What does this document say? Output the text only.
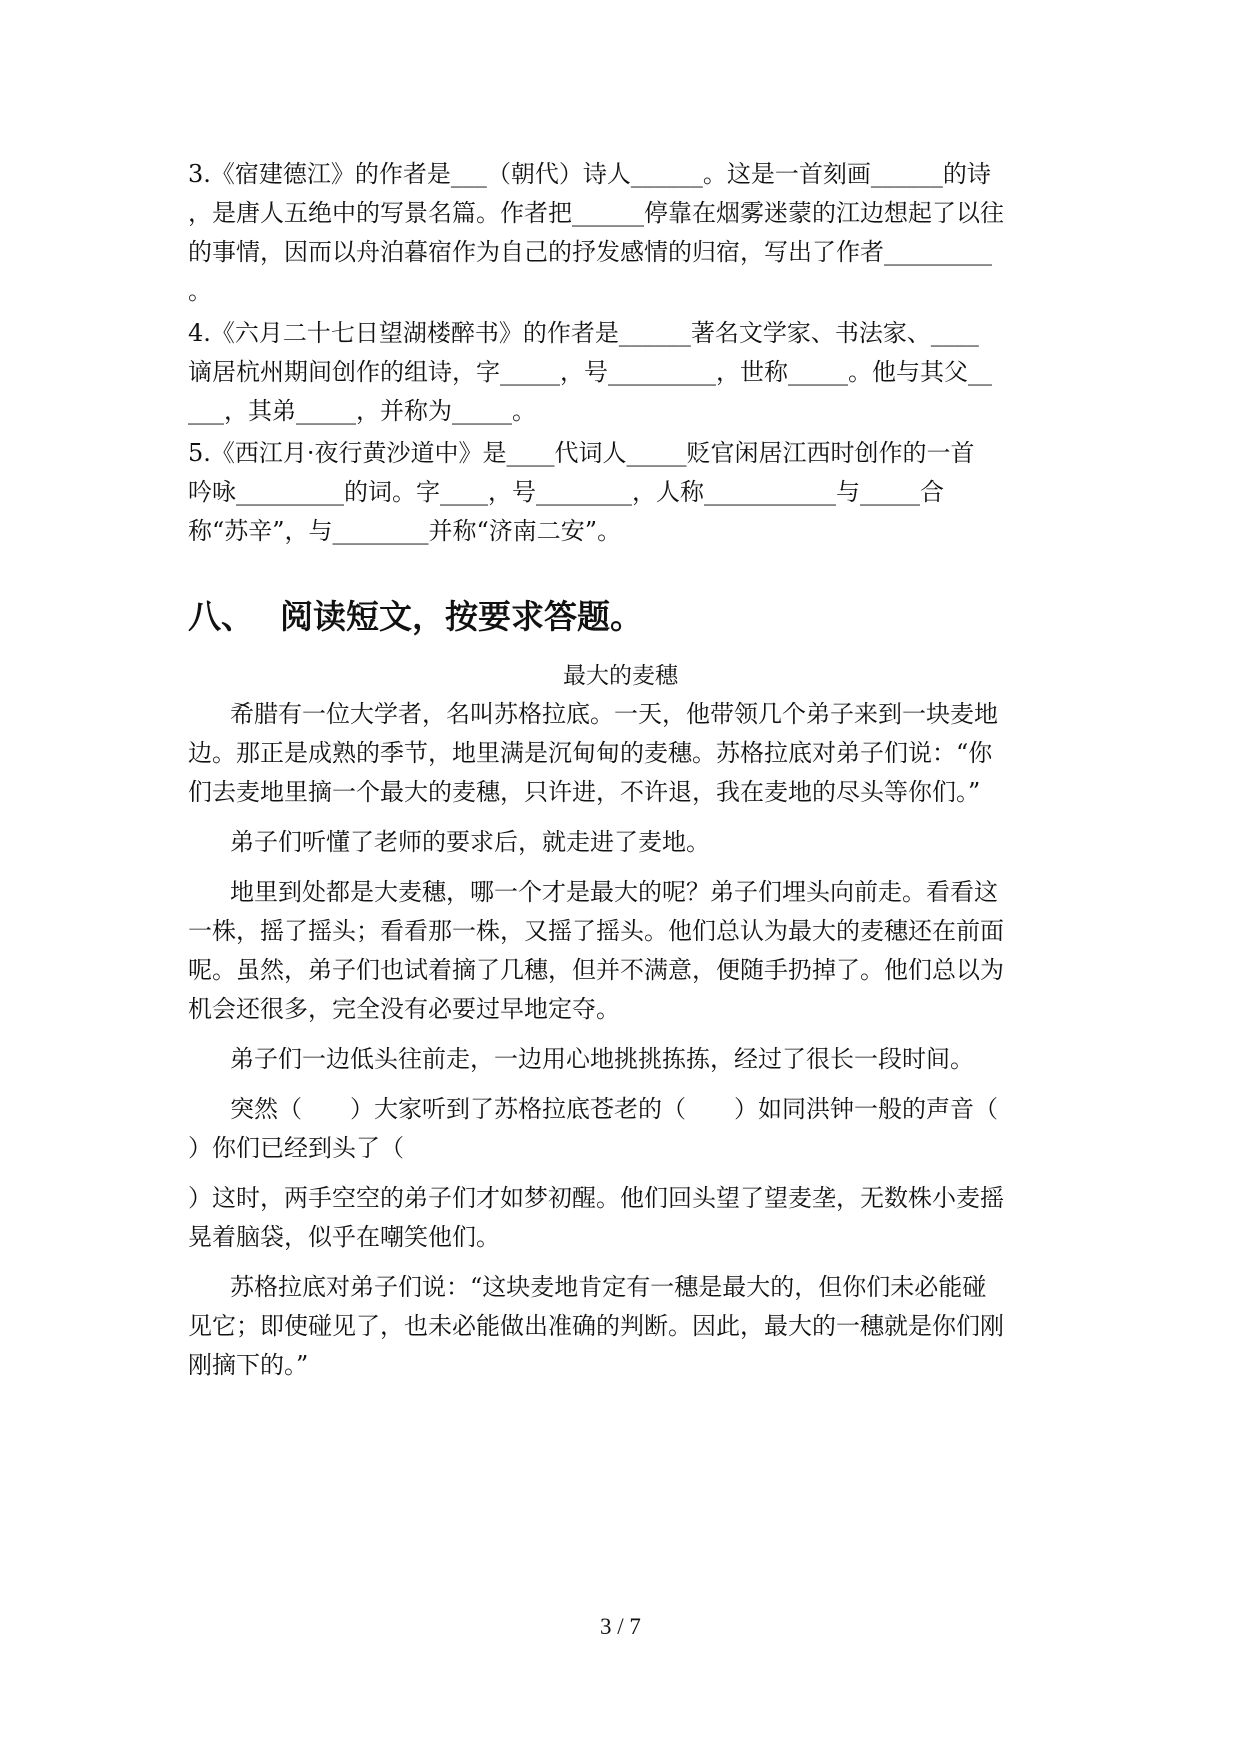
3.《宿建德江》的作者是___（朝代）诗人______。这是一首刻画______的诗

，是唐人五绝中的写景名篇。作者把______停靠在烟雾迷蒙的江边想起了以往

的事情，因而以舟泊暮宿作为自己的抒发感情的归宿，写出了作者_________

。

4.《六月二十七日望湖楼醉书》的作者是______著名文学家、书法家、____

谪居杭州期间创作的组诗，字_____，号_________，世称_____。他与其父__

___，其弟_____，并称为_____。

5.《西江月·夜行黄沙道中》是____代词人_____贬官闲居江西时创作的一首

吟咏_________的词。字____，号________，人称___________与_____合

称“苏辛”，与________并称“济南二安”。

八、 阅读短文，按要求答题。
最大的麦穗
希腊有一位大学者，名叫苏格拉底。一天，他带领几个弟子来到一块麦地
边。那正是成熟的季节，地里满是沉甸甸的麦穗。苏格拉底对弟子们说：“你
们去麦地里摘一个最大的麦穗，只许进，不许退，我在麦地的尽头等你们。”
弟子们听懂了老师的要求后，就走进了麦地。
地里到处都是大麦穗，哪一个才是最大的呢？弟子们埋头向前走。看看这
一株，摇了摇头；看看那一株，又摇了摇头。他们总认为最大的麦穗还在前面
呢。虽然，弟子们也试着摘了几穗，但并不满意，便随手扔掉了。他们总以为
机会还很多，完全没有必要过早地定夺。
弟子们一边低头往前走，一边用心地挑挑拣拣，经过了很长一段时间。
突然（　　）大家听到了苏格拉底苍老的（　　）如同洪钟一般的声音（
）你们已经到头了（
）这时，两手空空的弟子们才如梦初醒。他们回头望了望麦垄，无数株小麦摇
晃着脑袋，似乎在嘲笑他们。
苏格拉底对弟子们说：“这块麦地肯定有一穗是最大的，但你们未必能碰
见它；即使碰见了，也未必能做出准确的判断。因此，最大的一穗就是你们刚
刚摘下的。”
3 / 7
